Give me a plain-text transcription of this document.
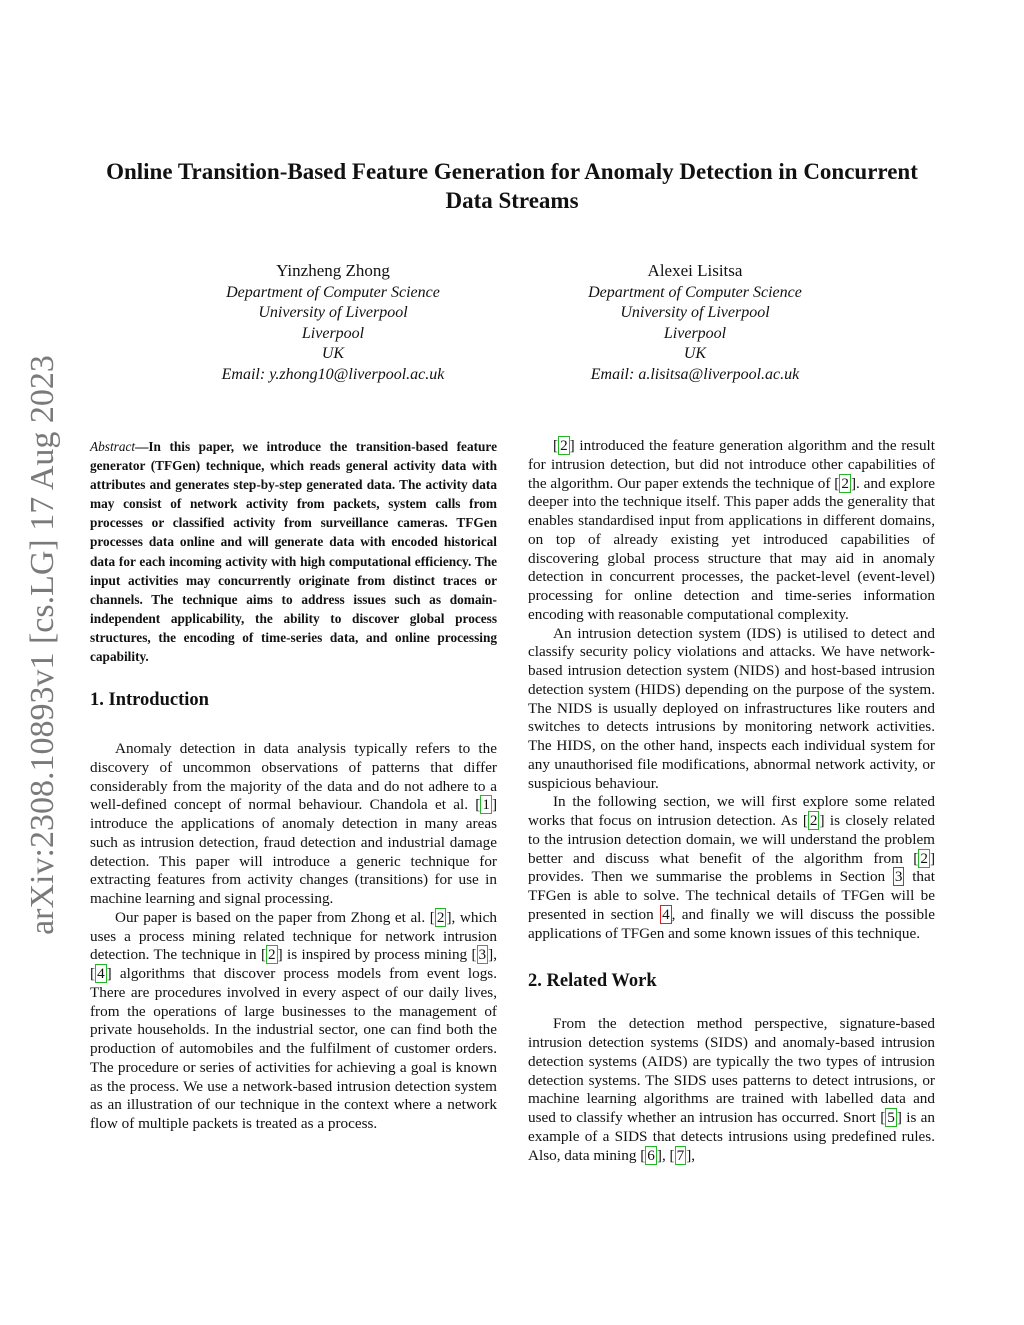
arXiv:2308.10893v1 [cs.LG] 17 Aug 2023
Online Transition-Based Feature Generation for Anomaly Detection in Concurrent Data Streams
Yinzheng Zhong
Department of Computer Science
University of Liverpool
Liverpool
UK
Email: y.zhong10@liverpool.ac.uk
Alexei Lisitsa
Department of Computer Science
University of Liverpool
Liverpool
UK
Email: a.lisitsa@liverpool.ac.uk
Abstract—In this paper, we introduce the transition-based feature generator (TFGen) technique, which reads general activity data with attributes and generates step-by-step generated data. The activity data may consist of network activity from packets, system calls from processes or classified activity from surveillance cameras. TFGen processes data online and will generate data with encoded historical data for each incoming activity with high computational efficiency. The input activities may concurrently originate from distinct traces or channels. The technique aims to address issues such as domain-independent applicability, the ability to discover global process structures, the encoding of time-series data, and online processing capability.
1. Introduction

Anomaly detection in data analysis typically refers to the discovery of uncommon observations of patterns that differ considerably from the majority of the data and do not adhere to a well-defined concept of normal behaviour. Chandola et al. [ 1 ] introduce the applications of anomaly detection in many areas such as intrusion detection, fraud detection and industrial damage detection. This paper will introduce a generic technique for extracting features from activity changes (transitions) for use in machine learning and signal processing.

Our paper is based on the paper from Zhong et al. [ 2 ], which uses a process mining related technique for network intrusion detection. The technique in [ 2 ] is inspired by process mining [ 3 ], [ 4 ] algorithms that discover process models from event logs. There are procedures involved in every aspect of our daily lives, from the operations of large businesses to the management of private households. In the industrial sector, one can find both the production of automobiles and the fulfilment of customer orders. The procedure or series of activities for achieving a goal is known as the process. We use a network-based intrusion detection system as an illustration of our technique in the context where a network flow of multiple packets is treated as a process.

[ 2 ] introduced the feature generation algorithm and the result for intrusion detection, but did not introduce other capabilities of the algorithm. Our paper extends the technique of [ 2 ]. and explore deeper into the technique itself. This paper adds the generality that enables standardised input from applications in different domains, on top of already existing yet introduced capabilities of discovering global process structure that may aid in anomaly detection in concurrent processes, the packet-level (event-level) processing for online detection and time-series information encoding with reasonable computational complexity.

An intrusion detection system (IDS) is utilised to detect and classify security policy violations and attacks. We have network-based intrusion detection system (NIDS) and host-based intrusion detection system (HIDS) depending on the purpose of the system. The NIDS is usually deployed on infrastructures like routers and switches to detects intrusions by monitoring network activities. The HIDS, on the other hand, inspects each individual system for any unauthorised file modifications, abnormal network activity, or suspicious behaviour.

In the following section, we will first explore some related works that focus on intrusion detection. As [ 2 ] is closely related to the intrusion detection domain, we will understand the problem better and discuss what benefit of the algorithm from [ 2 ] provides. Then we summarise the problems in Section 3 that TFGen is able to solve. The technical details of TFGen will be presented in section 4 , and finally we will discuss the possible applications of TFGen and some known issues of this technique.

2. Related Work

From the detection method perspective, signature-based intrusion detection systems (SIDS) and anomaly-based intrusion detection systems (AIDS) are typically the two types of intrusion detection systems. The SIDS uses patterns to detect intrusions, or machine learning algorithms are trained with labelled data and used to classify whether an intrusion has occurred. Snort [ 5 ] is an example of a SIDS that detects intrusions using predefined rules. Also, data mining [ 6 ], [ 7 ],
